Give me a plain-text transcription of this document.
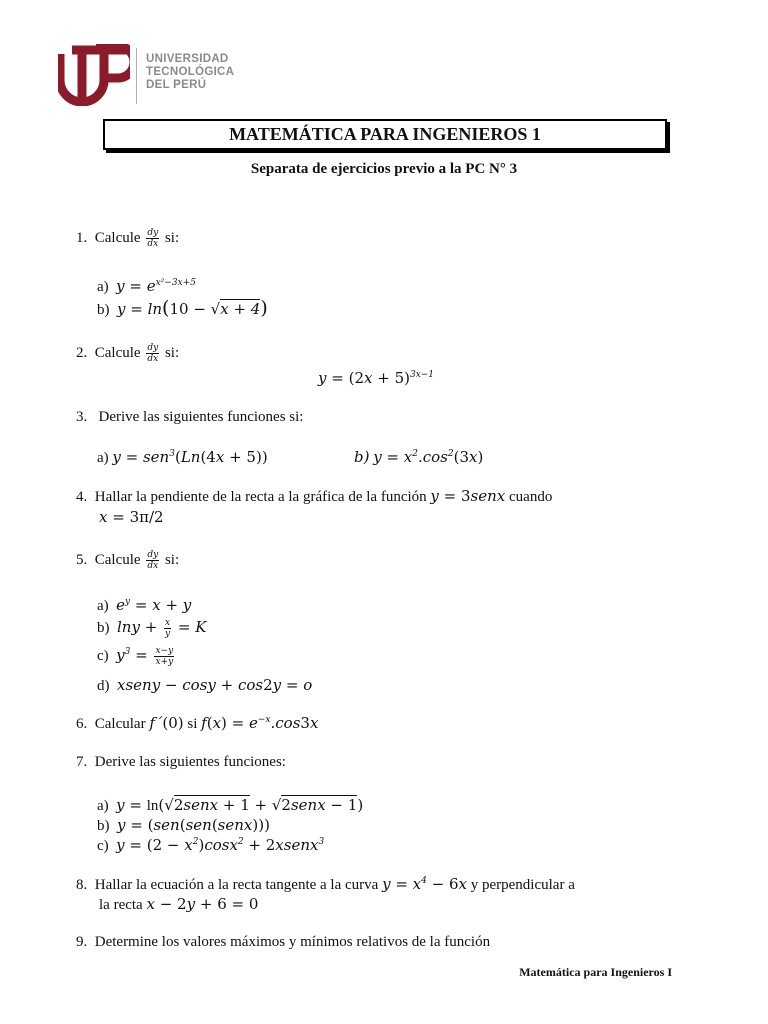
UNIVERSIDAD
TECNOLÓGICA
DEL PERÚ
MATEMÁTICA PARA INGENIEROS 1
Separata de ejercicios previo a la PC N° 3
1. Calcule $\frac{dy}{dx}$ si:
a) $y = e^{x^2-3x+5}$
b) y = ln(10 − √x + 4)
2. Calcule $\frac{dy}{dx}$ si:
$y = (2x + 5)^{3x-1}$
3. Derive las siguientes funciones si:
a) y = sen$^3$(Ln(4x + 5))	b) $y = x^2.\cos^2(3x)$
4. Hallar la pendiente de la recta a la gráfica de la función y = 3senx cuando
x = 3π/2
5. Calcule $\frac{dy}{dx}$ si:
a) $e^y = x + y$
b) $\ln y + \frac{x}{y} = K$
c) $y^3 = \frac{x-y}{x+y}$
d) xseny − cosy + cos2y = o
6. Calcular f´(0) si $f(x) = e^{-x}.\cos 3x$
7. Derive las siguientes funciones:
a) y = ln(√2senx + 1 + √2senx − 1)
b) y = (sen(sen(senx)))
c) $y = (2 - x^2)\cos x^2$ + 2xsenx$^3$
8. Hallar la ecuación a la recta tangente a la curva $y = x^4 - 6x$ y perpendicular a
la recta x − 2y + 6 = 0
9. Determine los valores máximos y mínimos relativos de la función
Matemática para Ingenieros I
